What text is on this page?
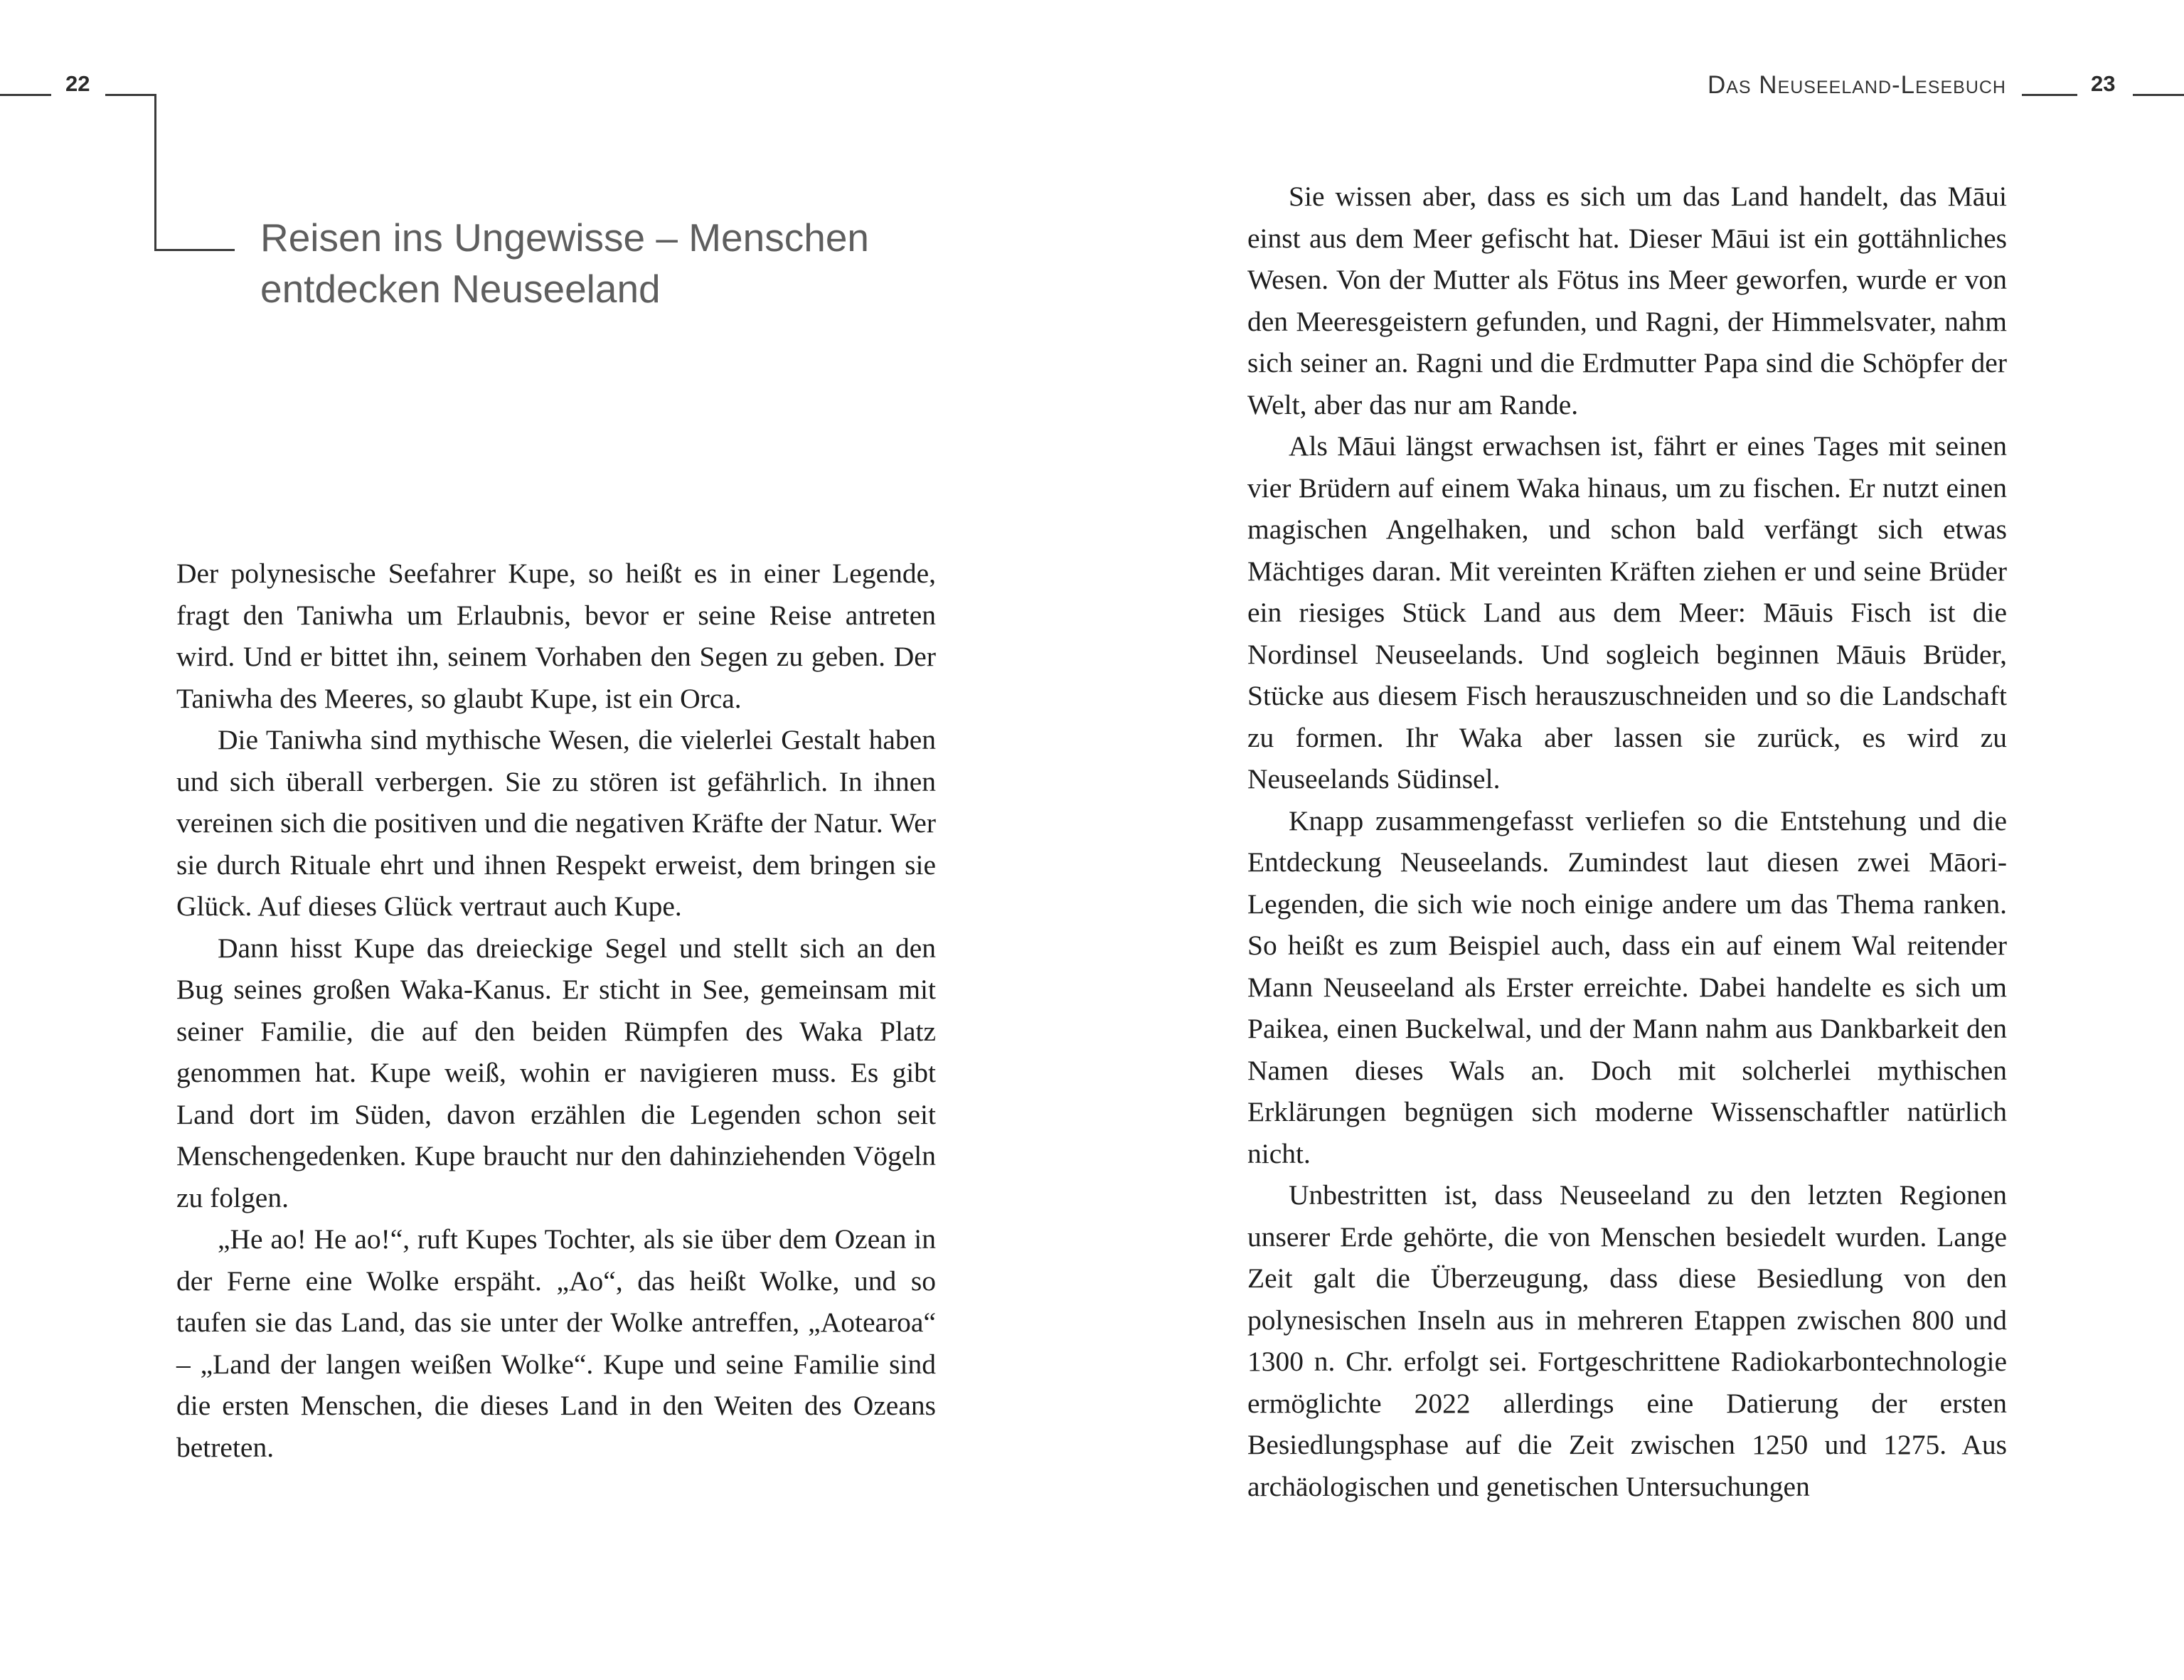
22
Reisen ins Ungewisse – Menschen entdecken Neuseeland

Der polynesische Seefahrer Kupe, so heißt es in einer Legende, fragt den Taniwha um Erlaubnis, bevor er seine Reise antreten wird. Und er bittet ihn, seinem Vorhaben den Segen zu geben. Der Taniwha des Meeres, so glaubt Kupe, ist ein Orca.

Die Taniwha sind mythische Wesen, die vielerlei Gestalt haben und sich überall verbergen. Sie zu stören ist gefährlich. In ihnen vereinen sich die positiven und die negativen Kräfte der Natur. Wer sie durch Rituale ehrt und ihnen Respekt erweist, dem bringen sie Glück. Auf dieses Glück vertraut auch Kupe.

Dann hisst Kupe das dreieckige Segel und stellt sich an den Bug seines großen Waka-Kanus. Er sticht in See, gemeinsam mit seiner Familie, die auf den beiden Rümpfen des Waka Platz genommen hat. Kupe weiß, wohin er navigieren muss. Es gibt Land dort im Süden, davon erzählen die Legenden schon seit Menschengedenken. Kupe braucht nur den dahinziehenden Vögeln zu folgen.

„He ao! He ao!“, ruft Kupes Tochter, als sie über dem Ozean in der Ferne eine Wolke erspäht. „Ao“, das heißt Wolke, und so taufen sie das Land, das sie unter der Wolke antreffen, „Aotearoa“ – „Land der langen weißen Wolke“. Kupe und seine Familie sind die ersten Menschen, die dieses Land in den Weiten des Ozeans betreten.

Das Neuseeland-Lesebuch	23

Sie wissen aber, dass es sich um das Land handelt, das Māui einst aus dem Meer gefischt hat. Dieser Māui ist ein gottähnliches Wesen. Von der Mutter als Fötus ins Meer geworfen, wurde er von den Meeresgeistern gefunden, und Ragni, der Himmelsvater, nahm sich seiner an. Ragni und die Erdmutter Papa sind die Schöpfer der Welt, aber das nur am Rande.

Als Māui längst erwachsen ist, fährt er eines Tages mit seinen vier Brüdern auf einem Waka hinaus, um zu fischen. Er nutzt einen magischen Angelhaken, und schon bald verfängt sich etwas Mächtiges daran. Mit vereinten Kräften ziehen er und seine Brüder ein riesiges Stück Land aus dem Meer: Māuis Fisch ist die Nordinsel Neuseelands. Und sogleich beginnen Māuis Brüder, Stücke aus diesem Fisch herauszuschneiden und so die Landschaft zu formen. Ihr Waka aber lassen sie zurück, es wird zu Neuseelands Südinsel.

Knapp zusammengefasst verliefen so die Entstehung und die Entdeckung Neuseelands. Zumindest laut diesen zwei Māori-Legenden, die sich wie noch einige andere um das Thema ranken. So heißt es zum Beispiel auch, dass ein auf einem Wal reitender Mann Neuseeland als Erster erreichte. Dabei handelte es sich um Paikea, einen Buckelwal, und der Mann nahm aus Dankbarkeit den Namen dieses Wals an. Doch mit solcherlei mythischen Erklärungen begnügen sich moderne Wissenschaftler natürlich nicht.

Unbestritten ist, dass Neuseeland zu den letzten Regionen unserer Erde gehörte, die von Menschen besiedelt wurden. Lange Zeit galt die Überzeugung, dass diese Besiedlung von den polynesischen Inseln aus in mehreren Etappen zwischen 800 und 1300 n. Chr. erfolgt sei. Fortgeschrittene Radiokarbontechnologie ermöglichte 2022 allerdings eine Datierung der ersten Besiedlungsphase auf die Zeit zwischen 1250 und 1275. Aus archäologischen und genetischen Untersuchungen
